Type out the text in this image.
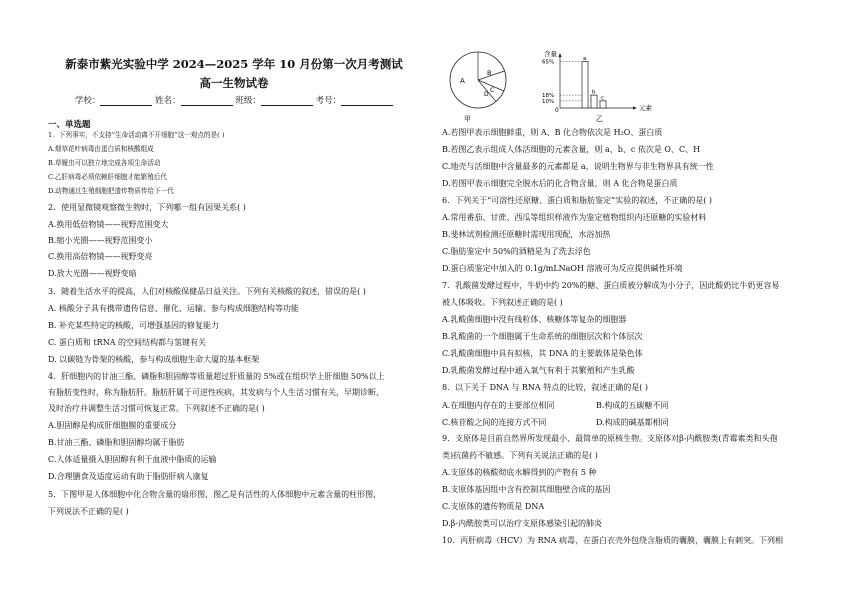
新泰市紫光实验中学 2024—2025 学年 10 月份第一次月考测试
高一生物试卷
学校：	姓名：	班级：	考号：
一、单选题
1．下列事实，不支持“生命活动离不开细胞”这一观点的是( )
A.烟草花叶病毒由蛋白质和核酸组成
B.草履虫可以独立地完成各项生命活动
C.乙肝病毒必须依赖肝细胞才能繁殖后代
D.动物通过生殖细胞把遗传物质传给下一代
2．使用显微镜观察微生物时，下列哪一组有因果关系( )
A.换用低倍物镜——视野范围变大
B.缩小光圈——视野范围变小
C.换用高倍物镜——视野变亮
D.放大光圈——视野变暗
3．随着生活水平的提高，人们对核酸保健品日益关注。下列有关核酸的叙述，错误的是( )
A. 核酸分子具有携带遗传信息、催化、运输、参与构成细胞结构等功能
B. 补充某些特定的核酸，可增强基因的修复能力
C. 蛋白质和 tRNA 的空间结构都与氢键有关
D. 以碳链为骨架的核酸，参与构成细胞生命大厦的基本框架
4．肝细胞内的甘油三酯、磷脂和胆固醇等质量超过肝质量的 5%或在组织学上肝细胞 50%以上
有脂肪变性时，称为脂肪肝。脂肪肝属于可逆性疾病，其发病与个人生活习惯有关，早期诊断、
及时治疗并调整生活习惯可恢复正常。下列叙述不正确的是( )
A.胆固醇是构成肝细胞膜的重要成分
B.甘油三酯、磷脂和胆固醇均属于脂肪
C.人体适量摄入胆固醇有利于血液中脂质的运输
D.合理膳食及适度运动有助于脂肪肝病人康复
5．下图甲是人体细胞中化合物含量的扇形图，图乙是有活性的人体细胞中元素含量的柱形图，
下列说法不正确的是( )
A
B
C
D
甲
含量
元素
0
65%
18%
10%
a
b
c
乙
A.若图甲表示细胞鲜重，则 A、B 化合物依次是 H₂O、蛋白质
B.若图乙表示组成人体活细胞的元素含量，则 a、b、c 依次是 O、C、H
C.地壳与活细胞中含量最多的元素都是 a，说明生物界与非生物界具有统一性
D.若图甲表示细胞完全脱水后的化合物含量，则 A 化合物是蛋白质
6．下列关于“可溶性还原糖、蛋白质和脂肪鉴定”实验的叙述，不正确的是( )
A.常用番茄、甘蔗、西瓜等组织样液作为鉴定植物组织内还原糖的实验材料
B.斐林试剂检测还原糖时需现用现配，水浴加热
C.脂肪鉴定中 50%的酒精是为了洗去浮色
D.蛋白质鉴定中加入的 0.1g/mLNaOH 溶液可为反应提供碱性环境
7．乳酸菌发酵过程中，牛奶中约 20%的糖、蛋白质被分解成为小分子，因此酸奶比牛奶更容易
被人体吸收。下列叙述正确的是( )
A.乳酸菌细胞中没有线粒体、核糖体等复杂的细胞器
B.乳酸菌的一个细胞属于生命系统的细胞层次和个体层次
C.乳酸菌细胞中具有拟核，其 DNA 的主要载体是染色体
D.乳酸菌发酵过程中通入氧气有利于其繁殖和产生乳酸
8．以下关于 DNA 与 RNA 特点的比较，叙述正确的是( )
A.在细胞内存在的主要部位相同	B.构成的五碳糖不同
C.核苷酸之间的连接方式不同	D.构成的碱基都相同
9．支原体是目前自然界所发现最小、最简单的原核生物。支原体对β-内酰胺类(青霉素类和头孢
类)抗菌药不敏感。下列有关说法正确的是( )
A.支原体的核酸彻底水解得到的产物有 5 种
B.支原体基因组中含有控制其细胞壁合成的基因
C.支原体的遗传物质是 DNA
D.β-内酰胺类可以治疗支原体感染引起的肺炎
10．丙肝病毒（HCV）为 RNA 病毒，在蛋白衣壳外包绕含脂质的囊膜，囊膜上有刺突。下列相
